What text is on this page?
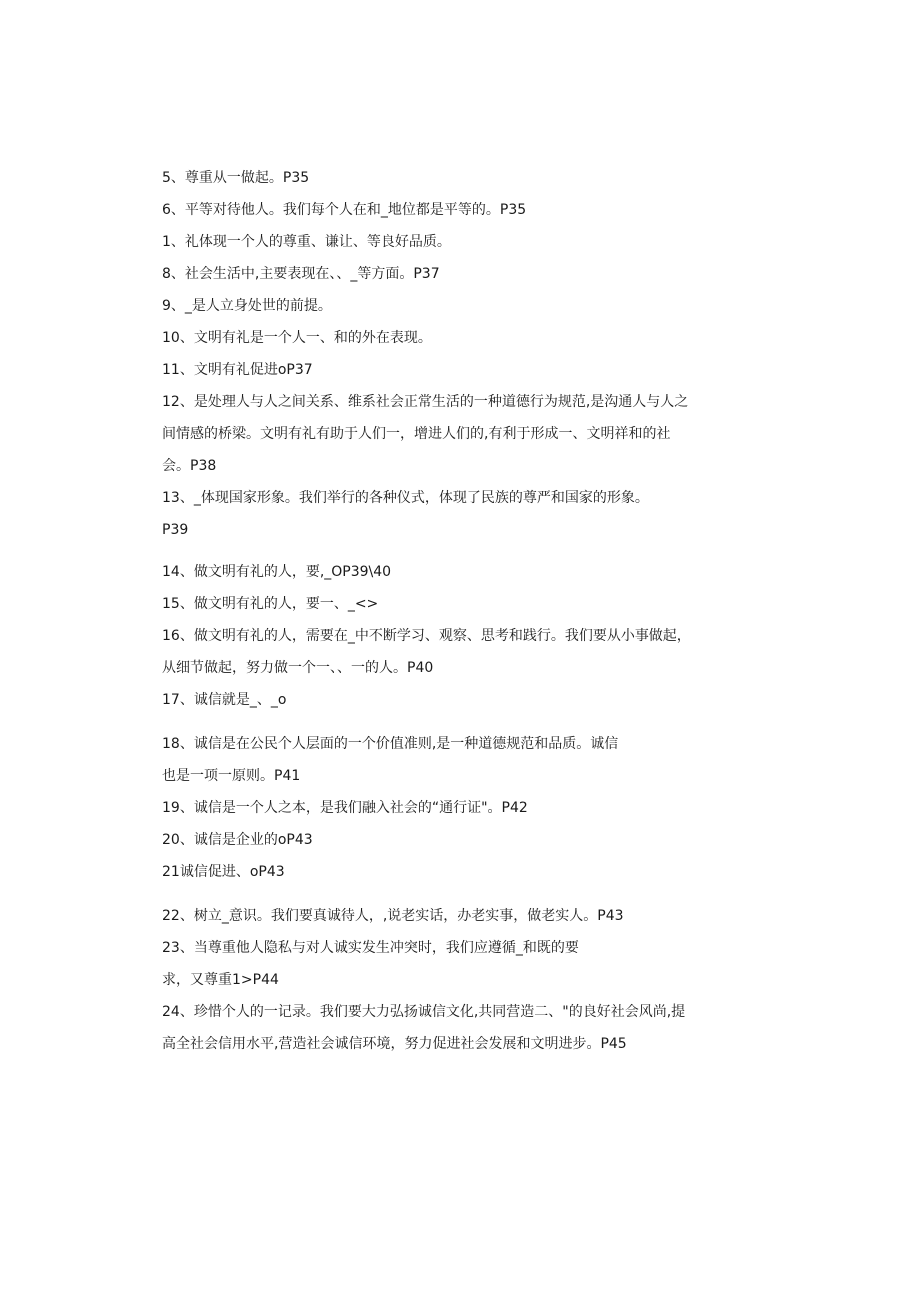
5、尊重从一做起。P35
6、平等对待他人。我们每个人在和_地位都是平等的。P35
1、礼体现一个人的尊重、谦让、等良好品质。
8、社会生活中,主要表现在、、_等方面。P37
9、_是人立身处世的前提。
10、文明有礼是一个人一、和的外在表现。
11、文明有礼促进oP37
12、是处理人与人之间关系、维系社会正常生活的一种道德行为规范,是沟通人与人之
间情感的桥梁。文明有礼有助于人们一，增进人们的,有利于形成一、文明祥和的社
会。P38
13、_体现国家形象。我们举行的各种仪式，体现了民族的尊严和国家的形象。
P39
14、做文明有礼的人，要,_OP39\40
15、做文明有礼的人，要一、_<>
16、做文明有礼的人，需要在_中不断学习、观察、思考和践行。我们要从小事做起，
从细节做起，努力做一个一、、一的人。P40
17、诚信就是_、_o
18、诚信是在公民个人层面的一个价值准则,是一种道德规范和品质。诚信
也是一项一原则。P41
19、诚信是一个人之本，是我们融入社会的“通行证"。P42
20、诚信是企业的oP43
21诚信促进、oP43
22、树立_意识。我们要真诚待人，,说老实话，办老实事，做老实人。P43
23、当尊重他人隐私与对人诚实发生冲突时，我们应遵循_和既的要
求，又尊重1>P44
24、珍惜个人的一记录。我们要大力弘扬诚信文化,共同营造二、"的良好社会风尚,提
高全社会信用水平,营造社会诚信环境，努力促进社会发展和文明进步。P45
